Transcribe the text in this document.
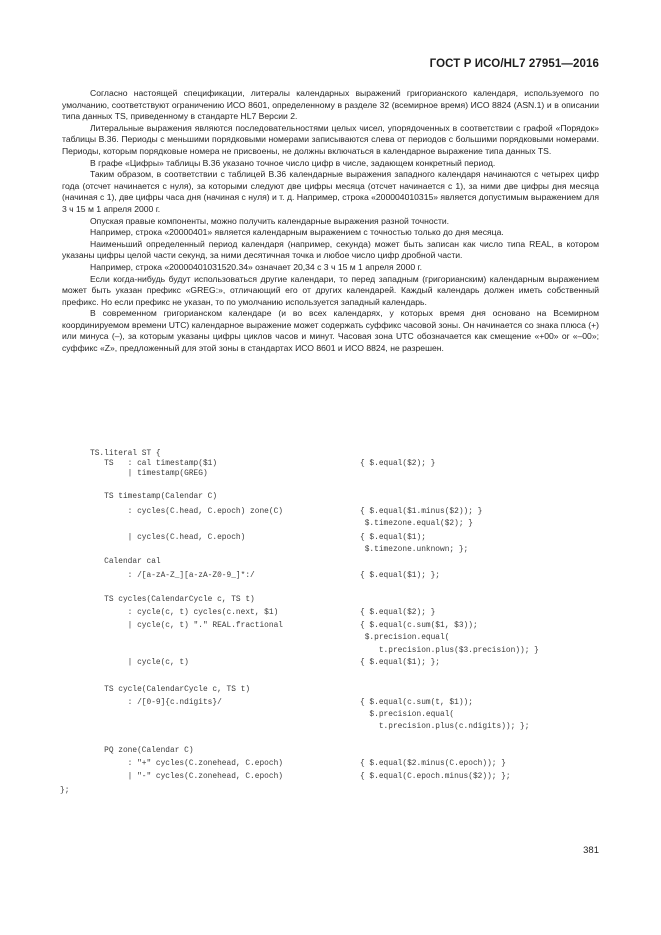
ГОСТ Р ИСО/HL7 27951—2016

Согласно настоящей спецификации, литералы календарных выражений григорианского календаря, используемого по умолчанию, соответствуют ограничению ИСО 8601, определенному в разделе 32 (всемирное время) ИСО 8824 (ASN.1) и в описании типа данных TS, приведенному в стандарте HL7 Версии 2.

Литеральные выражения являются последовательностями целых чисел, упорядоченных в соответствии с графой «Порядок» таблицы B.36. Периоды с меньшими порядковыми номерами записываются слева от периодов с большими порядковыми номерами. Периоды, которым порядковые номера не присвоены, не должны включаться в календарное выражение типа данных TS.

В графе «Цифры» таблицы B.36 указано точное число цифр в числе, задающем конкретный период.

Таким образом, в соответствии с таблицей B.36 календарные выражения западного календаря начинаются с четырех цифр года (отсчет начинается с нуля), за которыми следуют две цифры месяца (отсчет начинается с 1), за ними две цифры дня месяца (начиная с 1), две цифры часа дня (начиная с нуля) и т. д. Например, строка «200004010315» является допустимым выражением для 3 ч 15 м 1 апреля 2000 г.

Опуская правые компоненты, можно получить календарные выражения разной точности.

Например, строка «20000401» является календарным выражением с точностью только до дня месяца.

Наименьший определенный период календаря (например, секунда) может быть записан как число типа REAL, в котором указаны цифры целой части секунд, за ними десятичная точка и любое число цифр дробной части.

Например, строка «20000401031520.34» означает 20,34 с 3 ч 15 м 1 апреля 2000 г.

Если когда-нибудь будут использоваться другие календари, то перед западным (григорианским) календарным выражением может быть указан префикс «GREG:», отличающий его от других календарей. Каждый календарь должен иметь собственный префикс. Но если префикс не указан, то по умолчанию используется западный календарь.

В современном григорианском календаре (и во всех календарях, у которых время дня основано на Всемирном координируемом времени UTC) календарное выражение может содержать суффикс часовой зоны. Он начинается со знака плюса (+) или минуса (–), за которым указаны цифры циклов часов и минут. Часовая зона UTC обозначается как смещение «+00» or «–00»; суффикс «Z», предложенный для этой зоны в стандартах ИСО 8601 и ИСО 8824, не разрешен.

TS.literal ST {
TS   : cal timestamp($1)
| timestamp(GREG)
TS timestamp(Calendar C)
: cycles(C.head, C.epoch) zone(C)
| cycles(C.head, C.epoch)
Calendar cal
: /[a-zA-Z_][a-zA-Z0-9_]*:/
TS cycles(CalendarCycle c, TS t)
: cycle(c, t) cycles(c.next, $1)
| cycle(c, t) "." REAL.fractional
| cycle(c, t)
TS cycle(CalendarCycle c, TS t)
: /[0-9]{c.ndigits}/
PQ zone(Calendar C)
: "+" cycles(C.zonehead, C.epoch)
| "-" cycles(C.zonehead, C.epoch)
};
{ $.equal($2); }
{ $.equal($1.minus($2)); }
$.timezone.equal($2); }
{ $.equal($1);
$.timezone.unknown; };
{ $.equal($1); };
{ $.equal($2); }
{ $.equal(c.sum($1, $3));
$.precision.equal(
t.precision.plus($3.precision)); }
{ $.equal($1); };
{ $.equal(c.sum(t, $1));
$.precision.equal(
t.precision.plus(c.ndigits)); };
{ $.equal($2.minus(C.epoch)); }
{ $.equal(C.epoch.minus($2)); };
381
